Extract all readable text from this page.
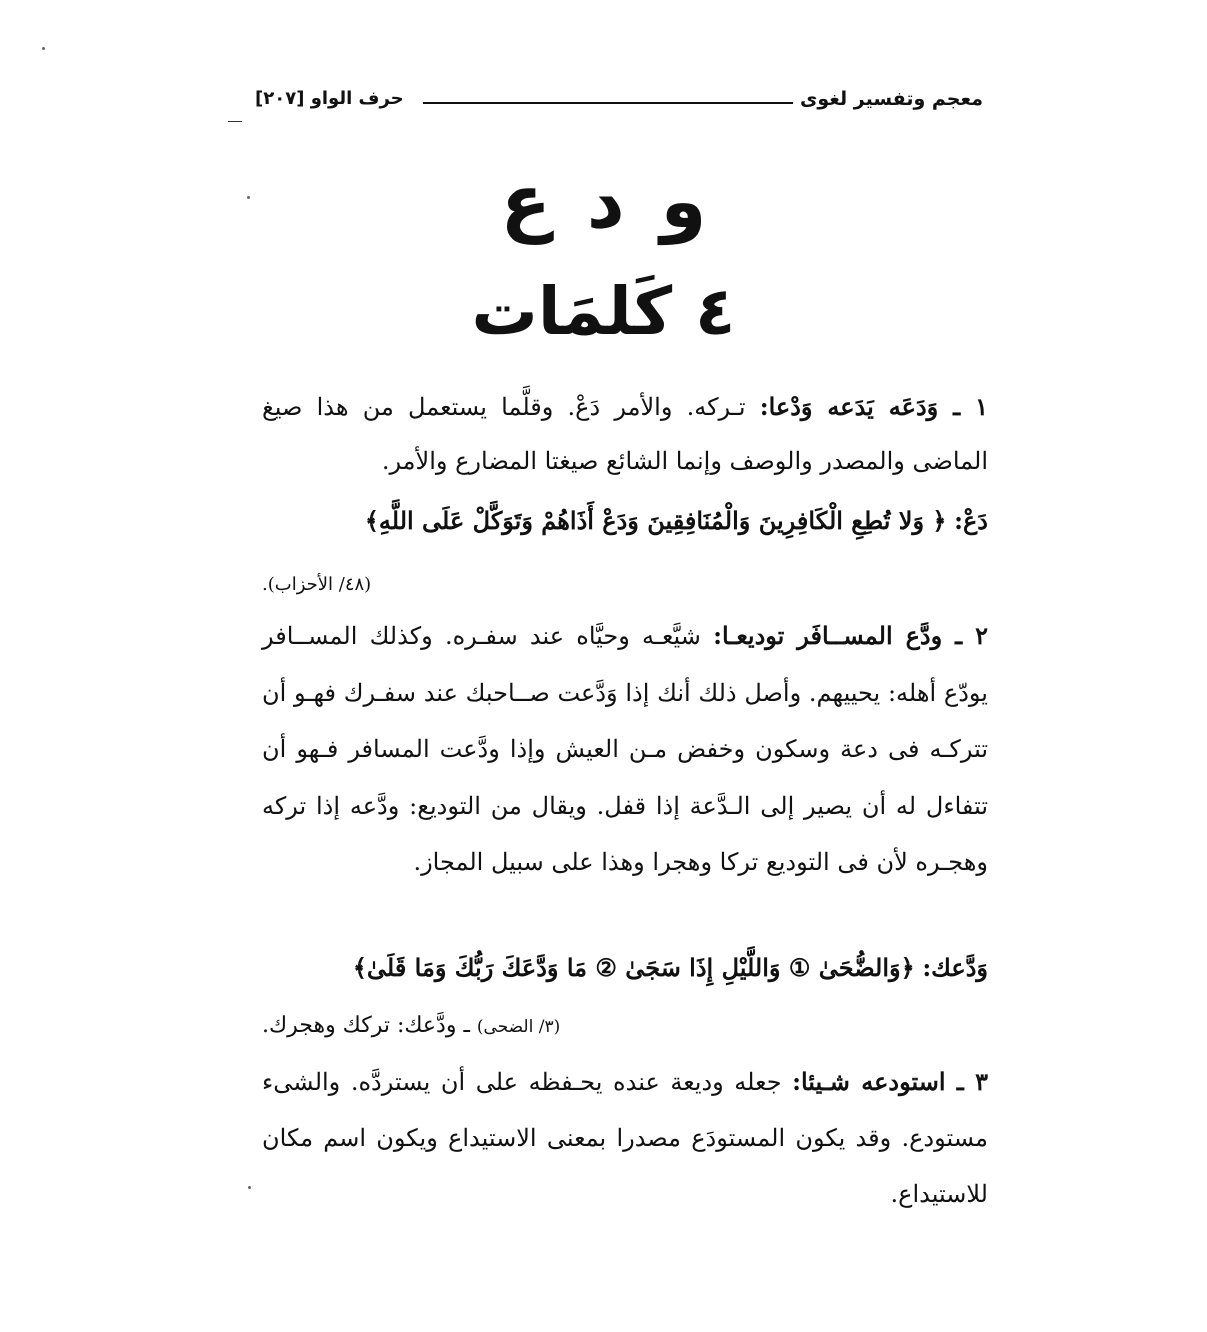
معجم وتفسير لغوى
حرف الواو [٢٠٧]
و د ع
٤ كَلمَات
١ ـ وَدَعَه يَدَعه وَدْعا: تـركه. والأمر دَعْ. وقلَّما يستعمل من هذا صيغ الماضى والمصدر والوصف وإنما الشائع صيغتا المضارع والأمر.
دَعْ: ﴿ وَلا تُطِعِ الْكَافِرِينَ وَالْمُنَافِقِينَ وَدَعْ أَذَاهُمْ وَتَوَكَّلْ عَلَى اللَّهِ﴾
(٤٨/ الأحزاب).
٢ ـ ودَّع المســافَر توديعـا: شيَّعـه وحيَّاه عند سفـره. وكذلك المســافر يودّع أهله: يحييهم. وأصل ذلك أنك إذا وَدَّعت صــاحبك عند سفـرك فهـو أن تتركـه فى دعة وسكون وخفض مـن العيش وإذا ودَّعت المسافر فـهو أن تتفاءل له أن يصير إلى الـدَّعة إذا قفل. ويقال من التوديع: ودَّعه إذا تركه وهجـره لأن فى التوديع تركا وهجرا وهذا على سبيل المجاز.
وَدَّعك: ﴿وَالضُّحَىٰ ① وَاللَّيْلِ إِذَا سَجَىٰ ② مَا وَدَّعَكَ رَبُّكَ وَمَا قَلَىٰ﴾
(٣/ الضحى) ـ ودَّعك: تركك وهجرك.
٣ ـ استودعه شـيئا: جعله وديعة عنده يحـفظه على أن يستردَّه. والشىء مستودع. وقد يكون المستودَع مصدرا بمعنى الاستيداع ويكون اسم مكان للاستيداع.
